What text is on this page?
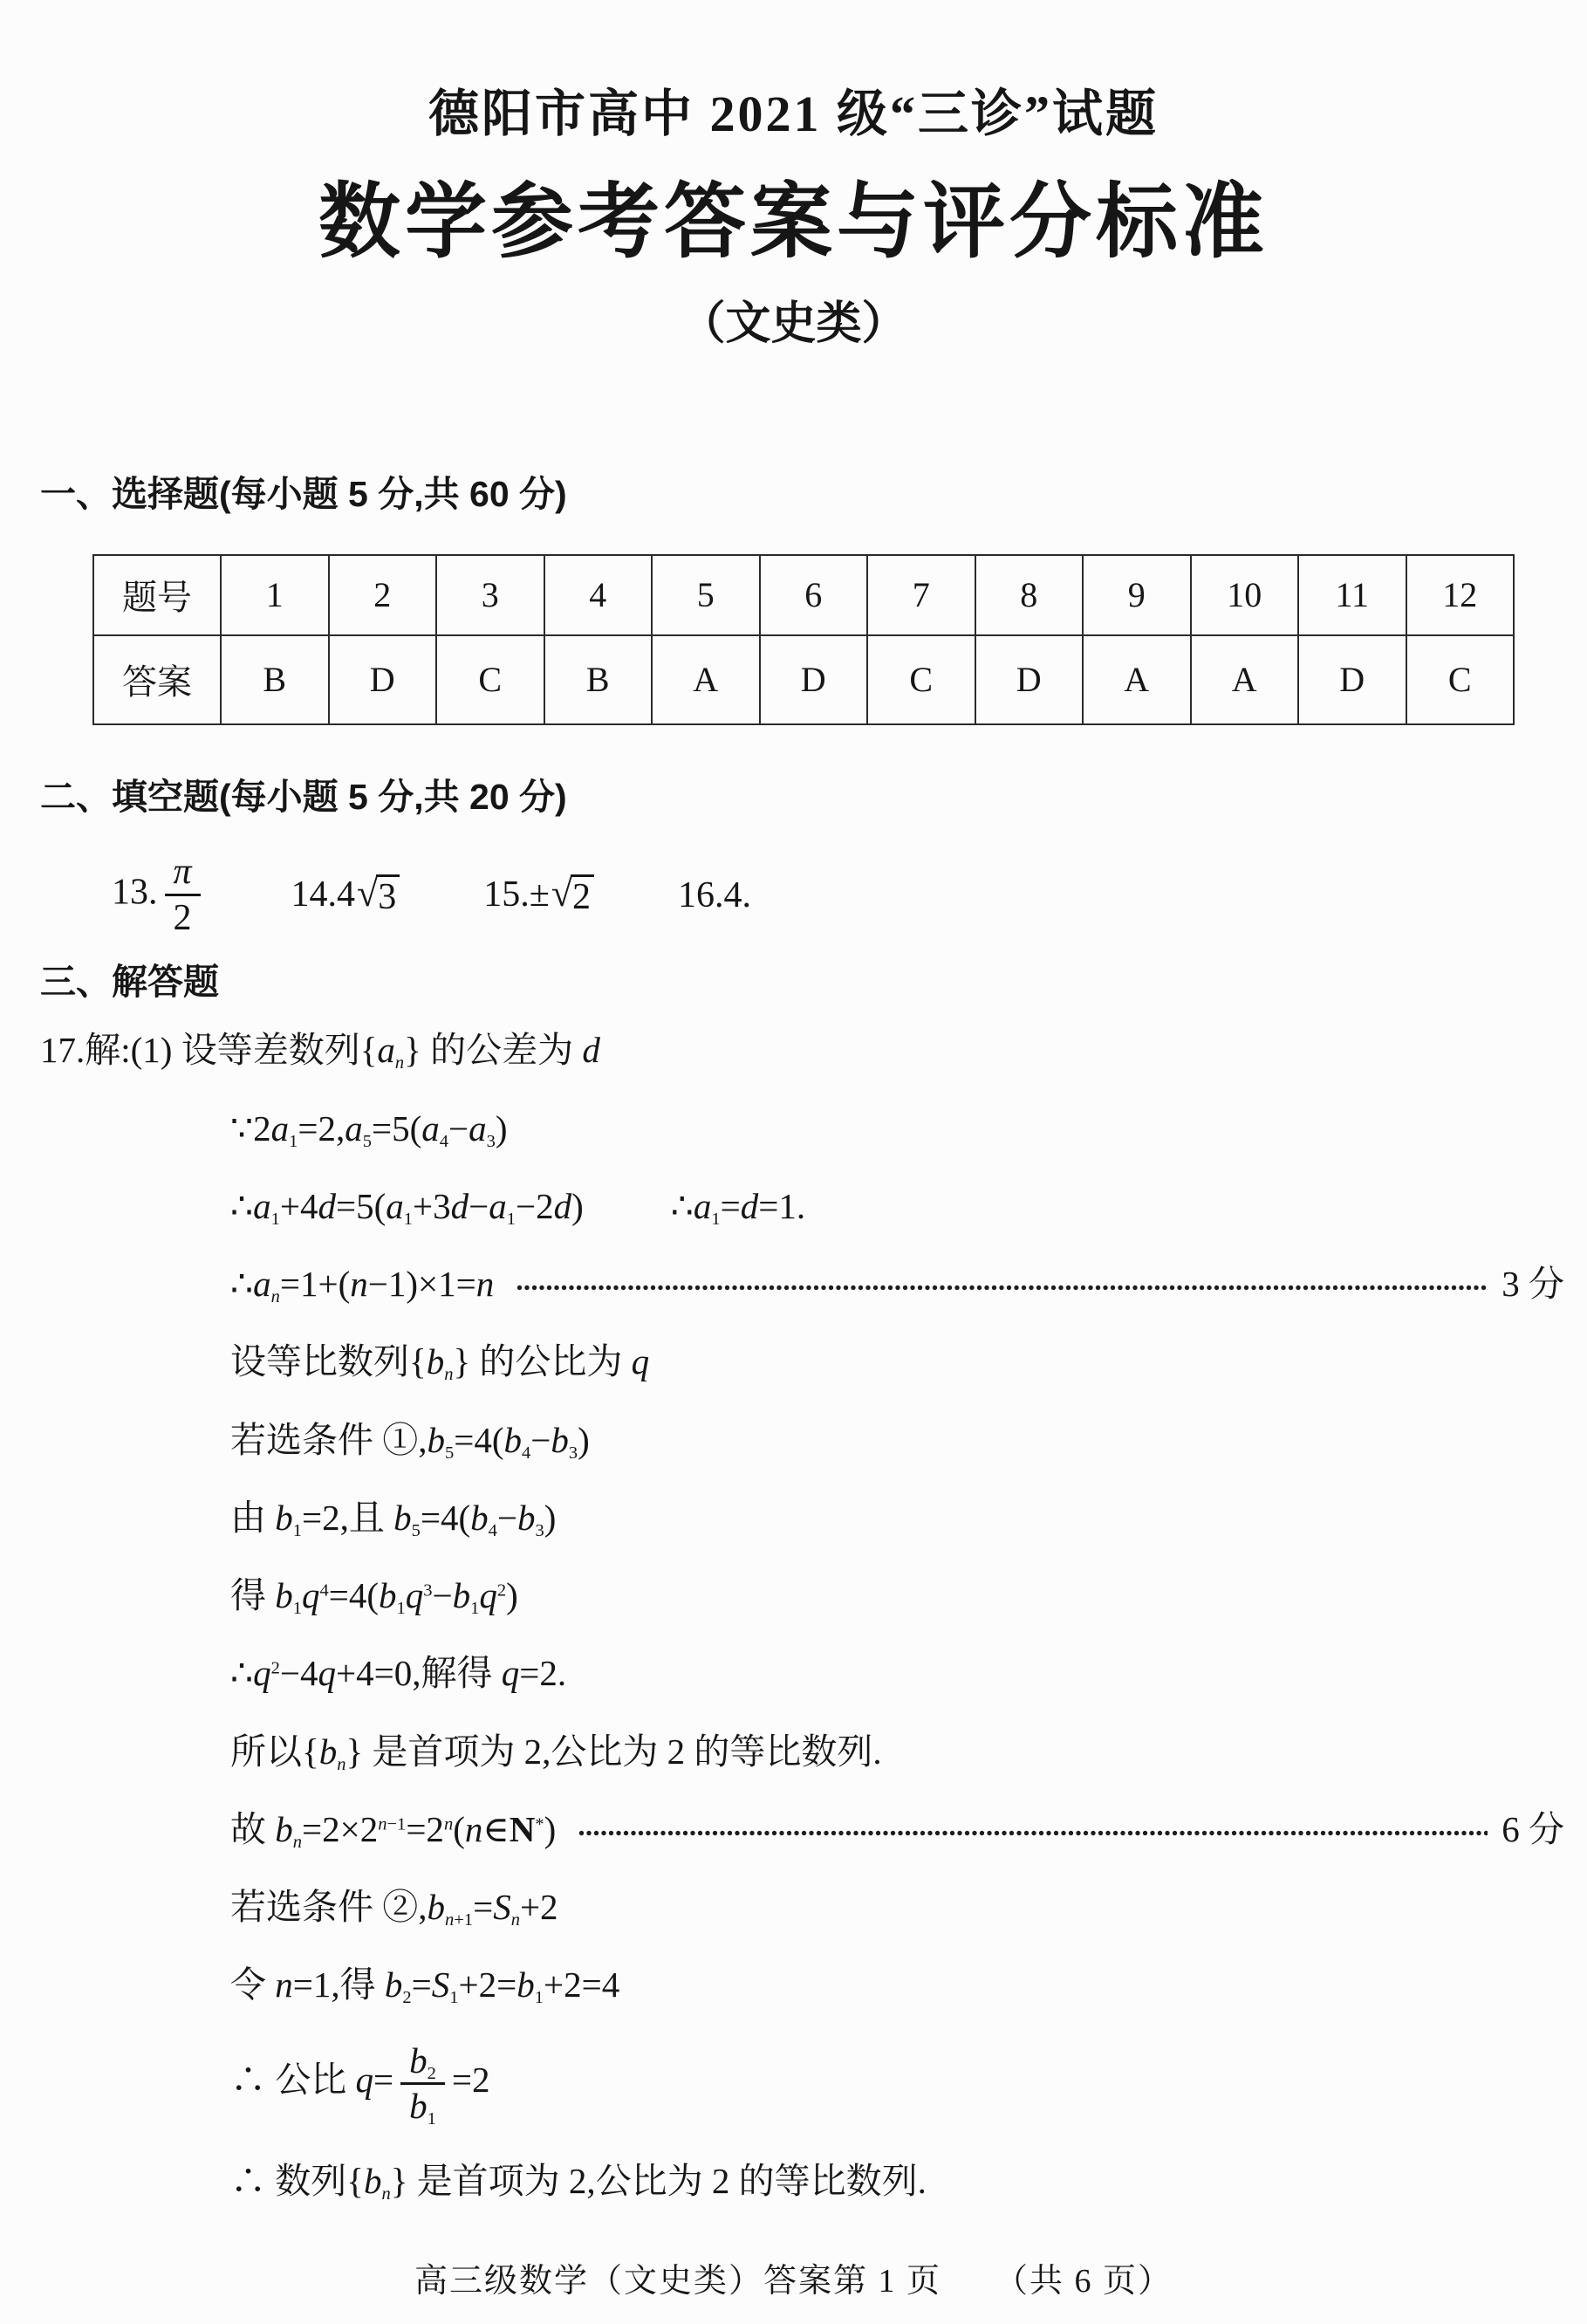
德阳市高中 2021 级“三诊”试题
数学参考答案与评分标准
（文史类）
一、选择题(每小题 5 分,共 60 分)
题号	1	2	3	4	5	6	7	8	9	10	11	12
答案	B	D	C	B	A	D	C	D	A	A	D	C
二、填空题(每小题 5 分,共 20 分)
13. $\frac{\pi}{2} 14.4$ √ 3 15.± √ 2 16.4.
三、解答题
17.解:(1) 设等差数列$\{a_n\}$ 的公差为 d
$\because 2a_1=2,a_5=5(a_4-a_3)$
$\therefore a_1+4d=5(a_1+3d-a_1-2d)$ $\therefore a_1=d=1$.
$\therefore a_n=1+(n-1)\times 1=n$	3 分
设等比数列$\{b_n\}$ 的公比为 q
若选条件 $①,b_5=4(b_4-b_3)$
由 $b_1=2$,且 $b_5=4(b_4-b_3)$
得 $b_1q^4=4(b_1q^3-b_1q^2)$
$\therefore q^2-4q+4=0$,解得 q=2.
所以$\{b_n\}$ 是首项为 2,公比为 2 的等比数列.
故 $b_n=2\times 2^{n-1}=2^n(n\in N^*)$	6 分
若选条件 $②,b_{n+1}=S_n+2$
令 n=1,得 $b_2=S_1+2=b_1+2=4$
∴ 公比 $q= \frac{b_2}{b_1} =2$
∴ 数列$\{b_n\}$ 是首项为 2,公比为 2 的等比数列.
高三级数学（文史类）答案第 1 页　　（共 6 页）
